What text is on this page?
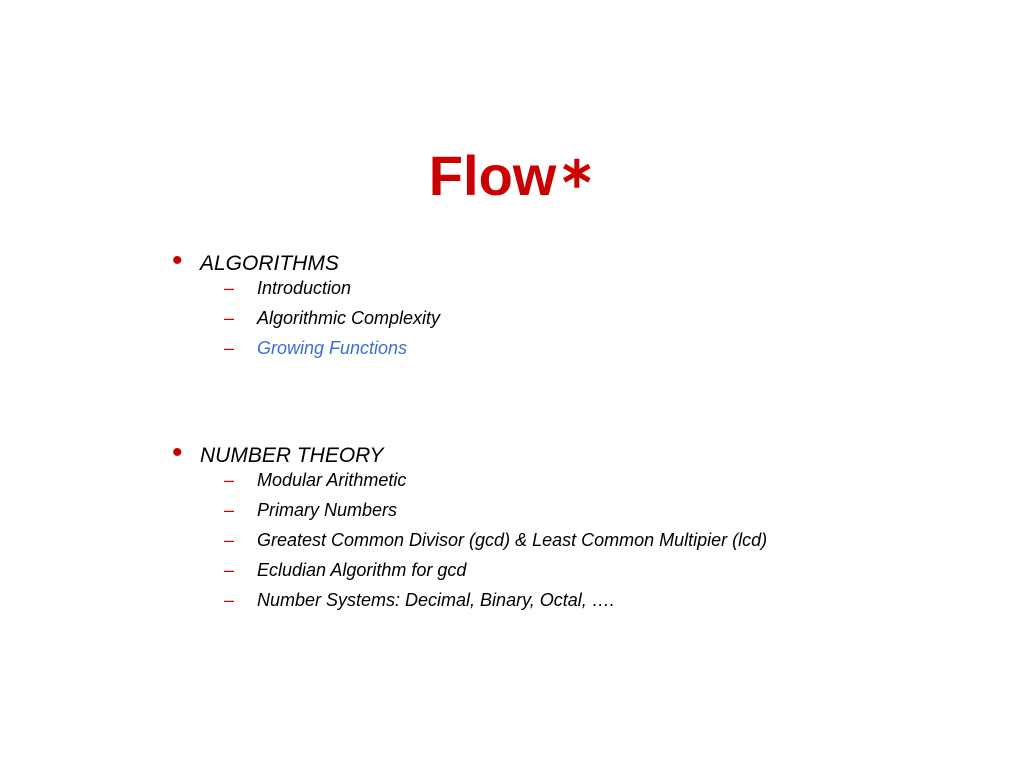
Flow∗
• ALGORITHMS
–	Introduction
–	Algorithmic Complexity
–	Growing Functions
• NUMBER THEORY
–	Modular Arithmetic
–	Primary Numbers
–	Greatest Common Divisor (gcd) & Least Common Multipier (lcd)
–	Ecludian Algorithm for gcd
–	Number Systems: Decimal, Binary, Octal, ….
